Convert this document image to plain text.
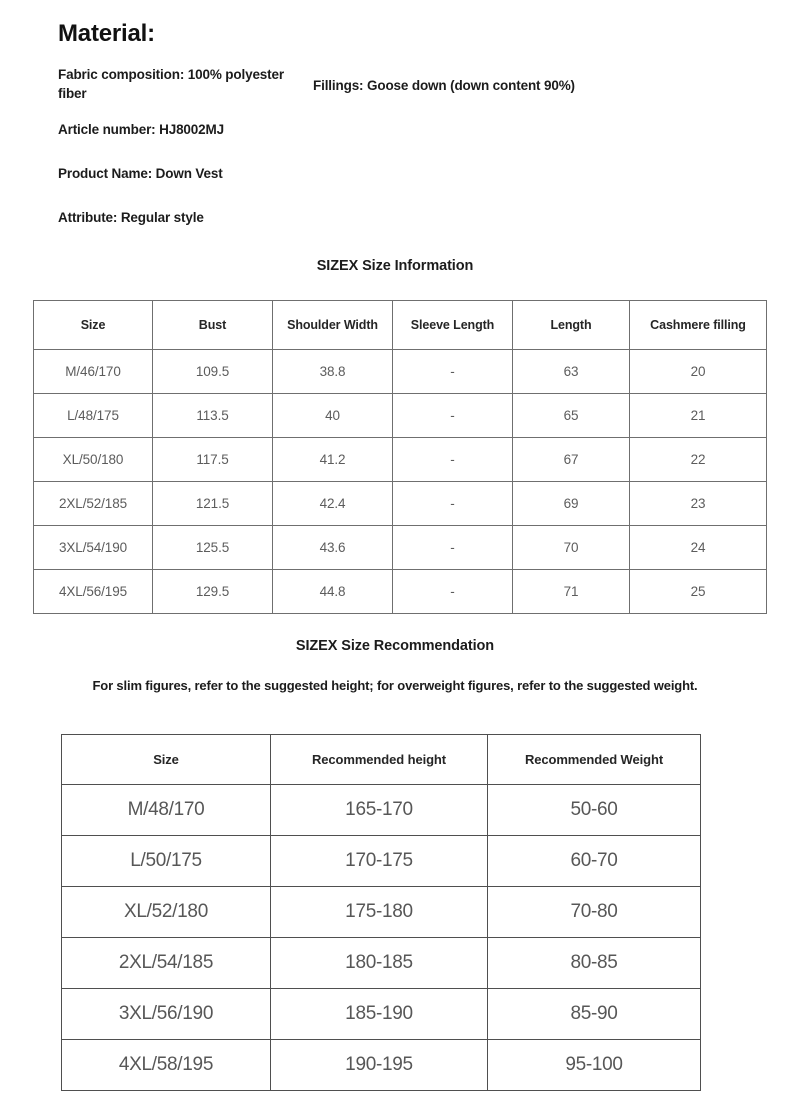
Material:
Fabric composition: 100% polyester fiber
Fillings: Goose down (down content 90%)
Article number: HJ8002MJ
Product Name: Down Vest
Attribute: Regular style
SIZEX Size Information
Size	Bust	Shoulder Width	Sleeve Length	Length	Cashmere filling
M/46/170	109.5	38.8	-	63	20
L/48/175	113.5	40	-	65	21
XL/50/180	117.5	41.2	-	67	22
2XL/52/185	121.5	42.4	-	69	23
3XL/54/190	125.5	43.6	-	70	24
4XL/56/195	129.5	44.8	-	71	25
SIZEX Size Recommendation
For slim figures, refer to the suggested height; for overweight figures, refer to the suggested weight.
Size	Recommended height	Recommended Weight
M/48/170	165-170	50-60
L/50/175	170-175	60-70
XL/52/180	175-180	70-80
2XL/54/185	180-185	80-85
3XL/56/190	185-190	85-90
4XL/58/195	190-195	95-100
